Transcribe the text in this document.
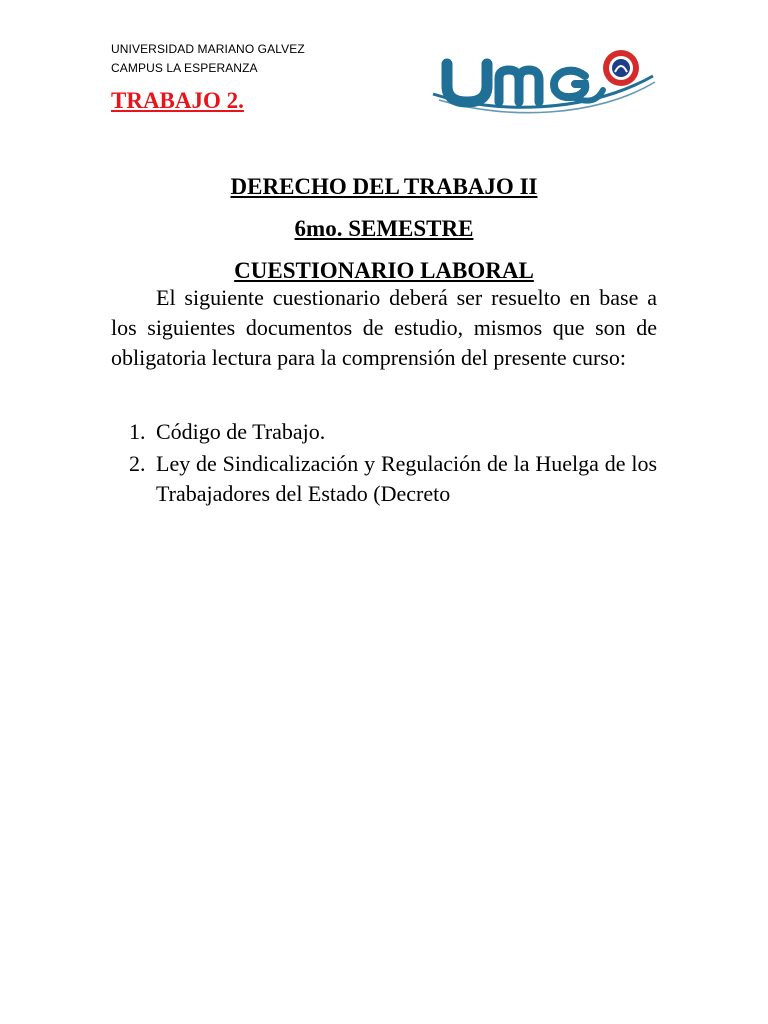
UNIVERSIDAD MARIANO GALVEZ
CAMPUS LA ESPERANZA
TRABAJO 2.
DERECHO DEL TRABAJO II
6mo. SEMESTRE
CUESTIONARIO LABORAL

El siguiente cuestionario deberá ser resuelto en base a los siguientes documentos de estudio, mismos que son de obligatoria lectura para la comprensión del presente curso:

1. Código de Trabajo.
2. Ley de Sindicalización y Regulación de la Huelga de los Trabajadores del Estado (Decreto
